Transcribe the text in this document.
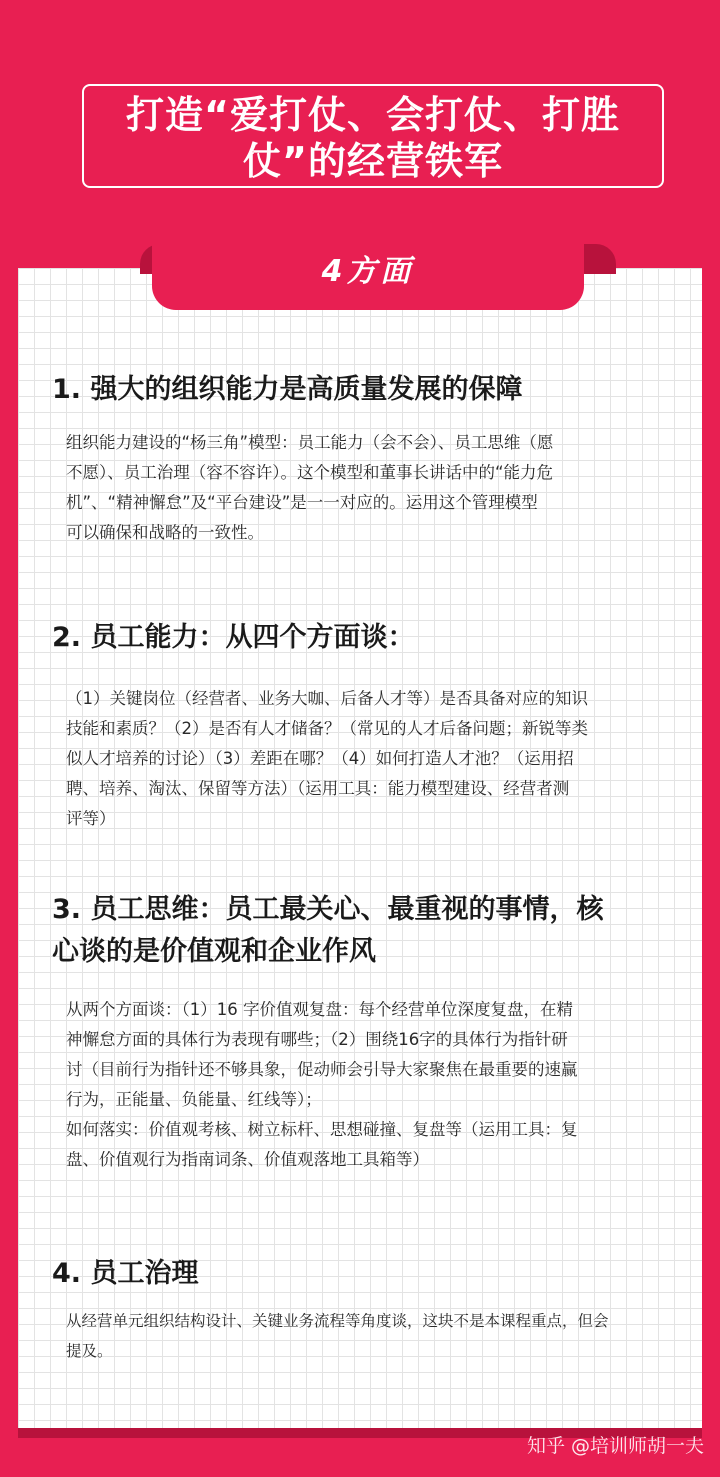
打造“爱打仗、会打仗、打胜
仗”的经营铁军
4方面
1. 强大的组织能力是高质量发展的保障
组织能力建设的“杨三角”模型：员工能力（会不会）、员工思维（愿
不愿）、员工治理（容不容许）。这个模型和董事长讲话中的“能力危
机”、“精神懈怠”及“平台建设”是一一对应的。运用这个管理模型
可以确保和战略的一致性。
2. 员工能力：从四个方面谈：
（1）关键岗位（经营者、业务大咖、后备人才等）是否具备对应的知识
技能和素质？（2）是否有人才储备？（常见的人才后备问题；新锐等类
似人才培养的讨论）（3）差距在哪？（4）如何打造人才池？（运用招
聘、培养、淘汰、保留等方法）（运用工具：能力模型建设、经营者测
评等）
3. 员工思维：员工最关心、最重视的事情，核
心谈的是价值观和企业作风
从两个方面谈：（1）16 字价值观复盘：每个经营单位深度复盘，在精
神懈怠方面的具体行为表现有哪些；（2）围绕16字的具体行为指针研
讨（目前行为指针还不够具象，促动师会引导大家聚焦在最重要的速赢
行为，正能量、负能量、红线等）；
如何落实：价值观考核、树立标杆、思想碰撞、复盘等（运用工具：复
盘、价值观行为指南词条、价值观落地工具箱等）
4. 员工治理
从经营单元组织结构设计、关键业务流程等角度谈，这块不是本课程重点，但会
提及。
知乎 @培训师胡一夫
